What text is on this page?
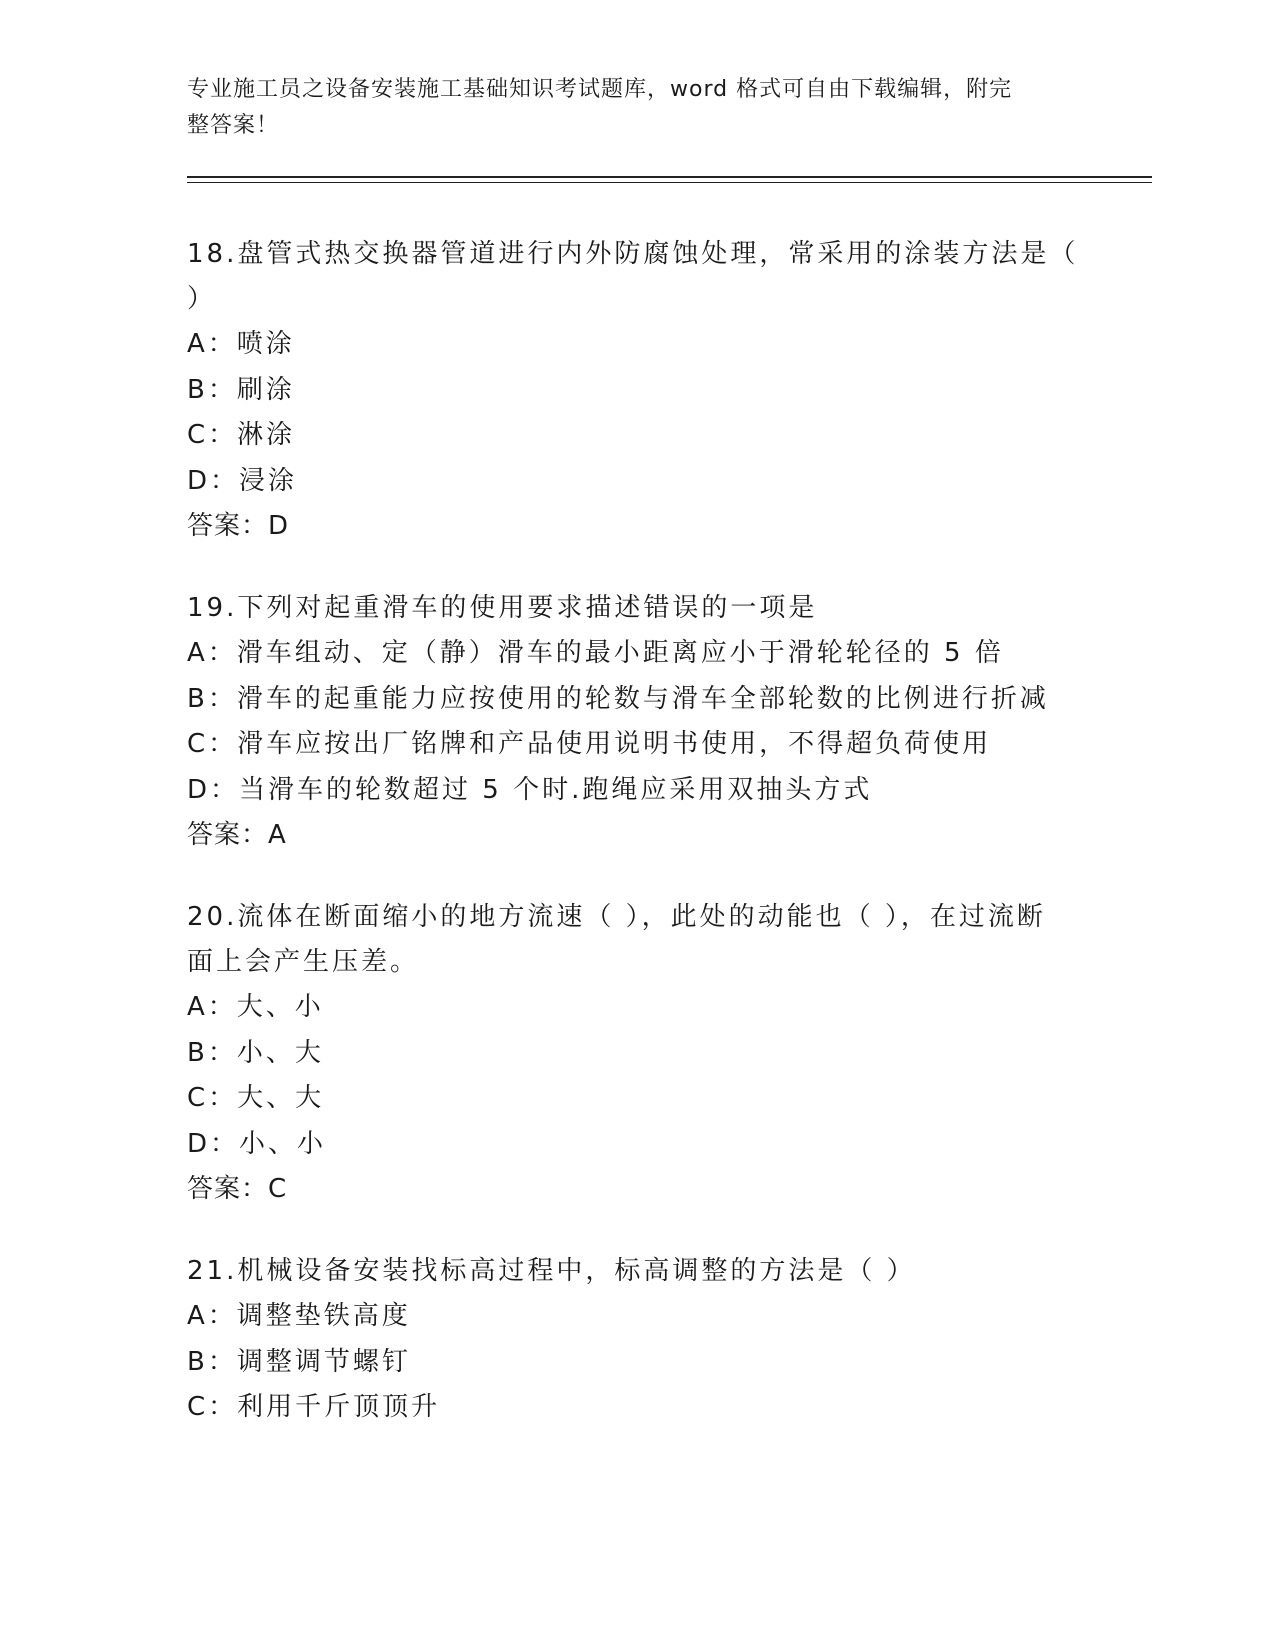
专业施工员之设备安装施工基础知识考试题库，word 格式可自由下载编辑，附完
整答案！
18.盘管式热交换器管道进行内外防腐蚀处理，常采用的涂装方法是（
）
A：喷涂
B：刷涂
C：淋涂
D：浸涂
答案：D
19.下列对起重滑车的使用要求描述错误的一项是
A：滑车组动、定（静）滑车的最小距离应小于滑轮轮径的 5 倍
B：滑车的起重能力应按使用的轮数与滑车全部轮数的比例进行折减
C：滑车应按出厂铭牌和产品使用说明书使用，不得超负荷使用
D：当滑车的轮数超过 5 个时.跑绳应采用双抽头方式
答案：A
20.流体在断面缩小的地方流速（ ），此处的动能也（ ），在过流断
面上会产生压差。
A：大、小
B：小、大
C：大、大
D：小、小
答案：C
21.机械设备安装找标高过程中，标高调整的方法是（ ）
A：调整垫铁高度
B：调整调节螺钉
C：利用千斤顶顶升
